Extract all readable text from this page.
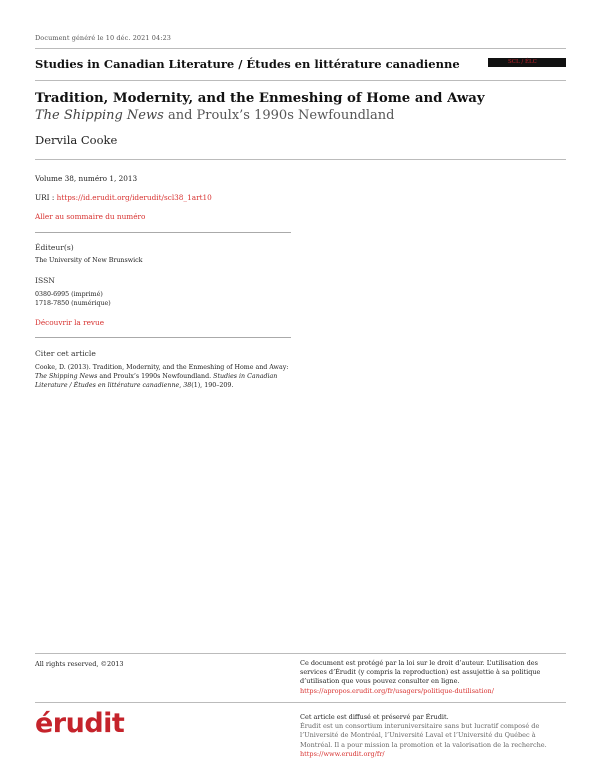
Document généré le 10 déc. 2021 04:23
Studies in Canadian Literature / Études en littérature canadienne	SCL / ÉLC
Tradition, Modernity, and the Enmeshing of Home and Away
The Shipping News and Proulx’s 1990s Newfoundland
Dervila Cooke
Volume 38, numéro 1, 2013
URI : https://id.erudit.org/iderudit/scl38_1art10
Aller au sommaire du numéro
Éditeur(s)
The University of New Brunswick
ISSN
0380-6995 (imprimé)
1718-7850 (numérique)
Découvrir la revue
Citer cet article
Cooke, D. (2013). Tradition, Modernity, and the Enmeshing of Home and Away:
The Shipping News and Proulx’s 1990s Newfoundland. Studies in Canadian
Literature / Études en littérature canadienne, 38(1), 190–209.
All rights reserved, ©2013	Ce document est protégé par la loi sur le droit d’auteur. L’utilisation des
services d’Érudit (y compris la reproduction) est assujettie à sa politique
d’utilisation que vous pouvez consulter en ligne.
https://apropos.erudit.org/fr/usagers/politique-dutilisation/
érudit	Cet article est diffusé et préservé par Érudit.
Érudit est un consortium interuniversitaire sans but lucratif composé de
l’Université de Montréal, l’Université Laval et l’Université du Québec à
Montréal. Il a pour mission la promotion et la valorisation de la recherche.
https://www.erudit.org/fr/
